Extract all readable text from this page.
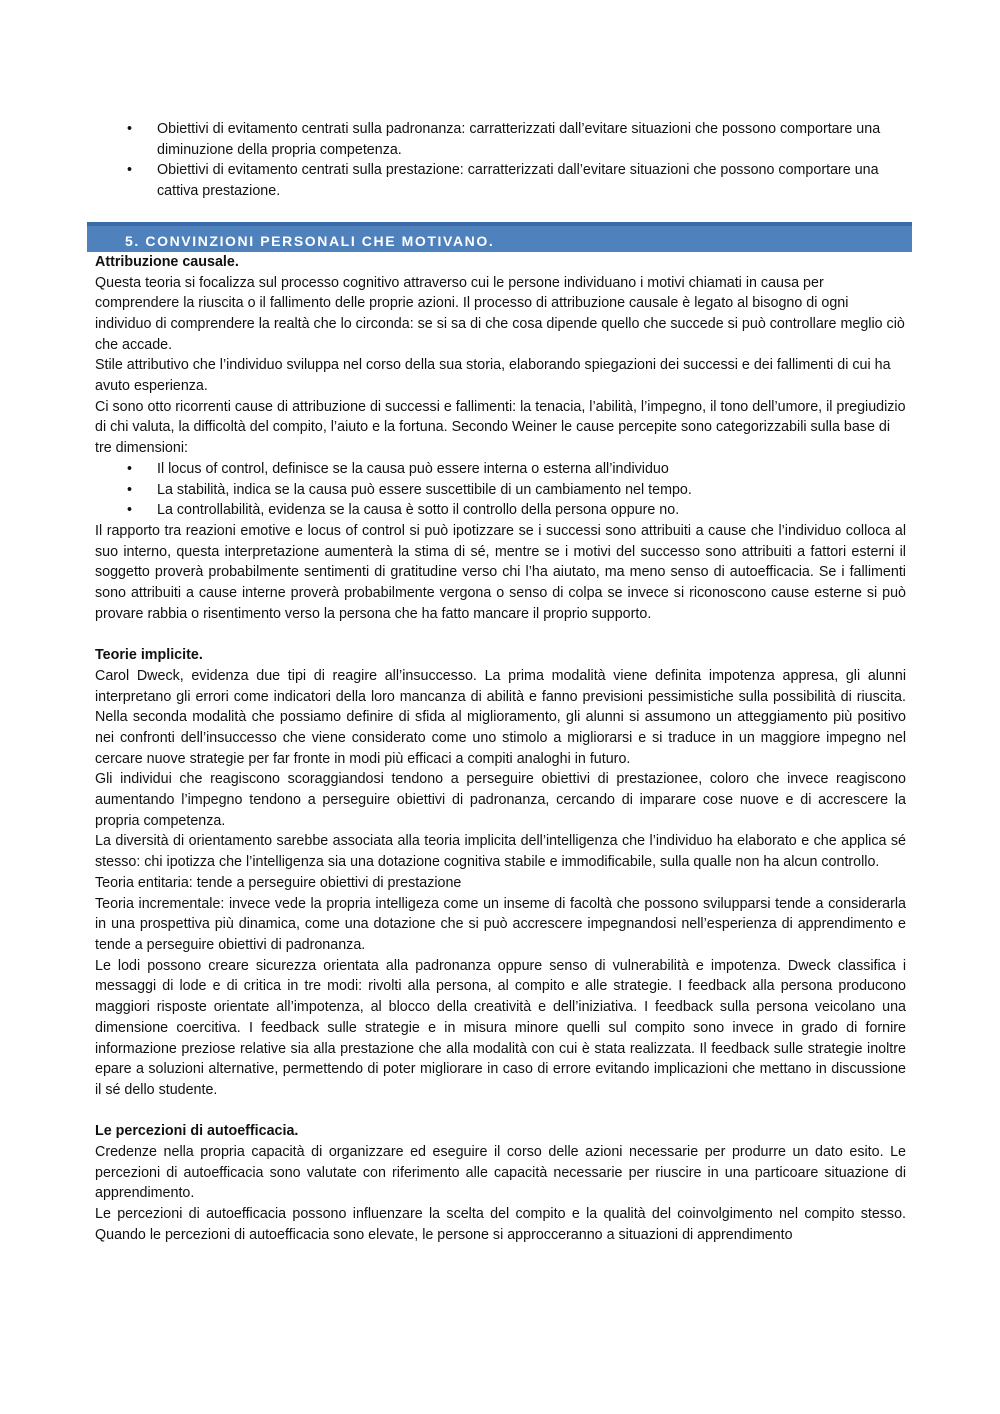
• Obiettivi di evitamento centrati sulla padronanza: carratterizzati dall’evitare situazioni che possono comportare una diminuzione della propria competenza.
• Obiettivi di evitamento centrati sulla prestazione: carratterizzati dall’evitare situazioni che possono comportare una cattiva prestazione.
5. CONVINZIONI PERSONALI CHE MOTIVANO.

Attribuzione causale.

Questa teoria si focalizza sul processo cognitivo attraverso cui le persone individuano i motivi chiamati in causa per comprendere la riuscita o il fallimento delle proprie azioni. Il processo di attribuzione causale è legato al bisogno di ogni individuo di comprendere la realtà che lo circonda: se si sa di che cosa dipende quello che succede si può controllare meglio ciò che accade.

Stile attributivo che l’individuo sviluppa nel corso della sua storia, elaborando spiegazioni dei successi e dei fallimenti di cui ha avuto esperienza.

Ci sono otto ricorrenti cause di attribuzione di successi e fallimenti: la tenacia, l’abilità, l’impegno, il tono dell’umore, il pregiudizio di chi valuta, la difficoltà del compito, l’aiuto e la fortuna. Secondo Weiner le cause percepite sono categorizzabili sulla base di tre dimensioni:

• Il locus of control, definisce se la causa può essere interna o esterna all’individuo
• La stabilità, indica se la causa può essere suscettibile di un cambiamento nel tempo.
• La controllabilità, evidenza se la causa è sotto il controllo della persona oppure no.

Il rapporto tra reazioni emotive e locus of control si può ipotizzare se i successi sono attribuiti a cause che l’individuo colloca al suo interno, questa interpretazione aumenterà la stima di sé, mentre se i motivi del successo sono attribuiti a fattori esterni il soggetto proverà probabilmente sentimenti di gratitudine verso chi l’ha aiutato, ma meno senso di autoefficacia. Se i fallimenti sono attribuiti a cause interne proverà probabilmente vergona o senso di colpa se invece si riconoscono cause esterne si può provare rabbia o risentimento verso la persona che ha fatto mancare il proprio supporto.

Teorie implicite.

Carol Dweck, evidenza due tipi di reagire all’insuccesso. La prima modalità viene definita impotenza appresa, gli alunni interpretano gli errori come indicatori della loro mancanza di abilità e fanno previsioni pessimistiche sulla possibilità di riuscita. Nella seconda modalità che possiamo definire di sfida al miglioramento, gli alunni si assumono un atteggiamento più positivo nei confronti dell’insuccesso che viene considerato come uno stimolo a migliorarsi e si traduce in un maggiore impegno nel cercare nuove strategie per far fronte in modi più efficaci a compiti analoghi in futuro.

Gli individui che reagiscono scoraggiandosi tendono a perseguire obiettivi di prestazionee, coloro che invece reagiscono aumentando l’impegno tendono a perseguire obiettivi di padronanza, cercando di imparare cose nuove e di accrescere la propria competenza.

La diversità di orientamento sarebbe associata alla teoria implicita dell’intelligenza che l’individuo ha elaborato e che applica sé stesso: chi ipotizza che l’intelligenza sia una dotazione cognitiva stabile e immodificabile, sulla qualle non ha alcun controllo.

Teoria entitaria: tende a perseguire obiettivi di prestazione

Teoria incrementale: invece vede la propria intelligeza come un inseme di facoltà che possono svilupparsi tende a considerarla in una prospettiva più dinamica, come una dotazione che si può accrescere impegnandosi nell’esperienza di apprendimento e tende a perseguire obiettivi di padronanza.

Le lodi possono creare sicurezza orientata alla padronanza oppure senso di vulnerabilità e impotenza. Dweck classifica i messaggi di lode e di critica in tre modi: rivolti alla persona, al compito e alle strategie. I feedback alla persona producono maggiori risposte orientate all’impotenza, al blocco della creatività e dell’iniziativa. I feedback sulla persona veicolano una dimensione coercitiva. I feedback sulle strategie e in misura minore quelli sul compito sono invece in grado di fornire informazione preziose relative sia alla prestazione che alla modalità con cui è stata realizzata. Il feedback sulle strategie inoltre epare a soluzioni alternative, permettendo di poter migliorare in caso di errore evitando implicazioni che mettano in discussione il sé dello studente.

Le percezioni di autoefficacia.

Credenze nella propria capacità di organizzare ed eseguire il corso delle azioni necessarie per produrre un dato esito. Le percezioni di autoefficacia sono valutate con riferimento alle capacità necessarie per riuscire in una particoare situazione di apprendimento.

Le percezioni di autoefficacia possono influenzare la scelta del compito e la qualità del coinvolgimento nel compito stesso. Quando le percezioni di autoefficacia sono elevate, le persone si approcceranno a situazioni di apprendimento
